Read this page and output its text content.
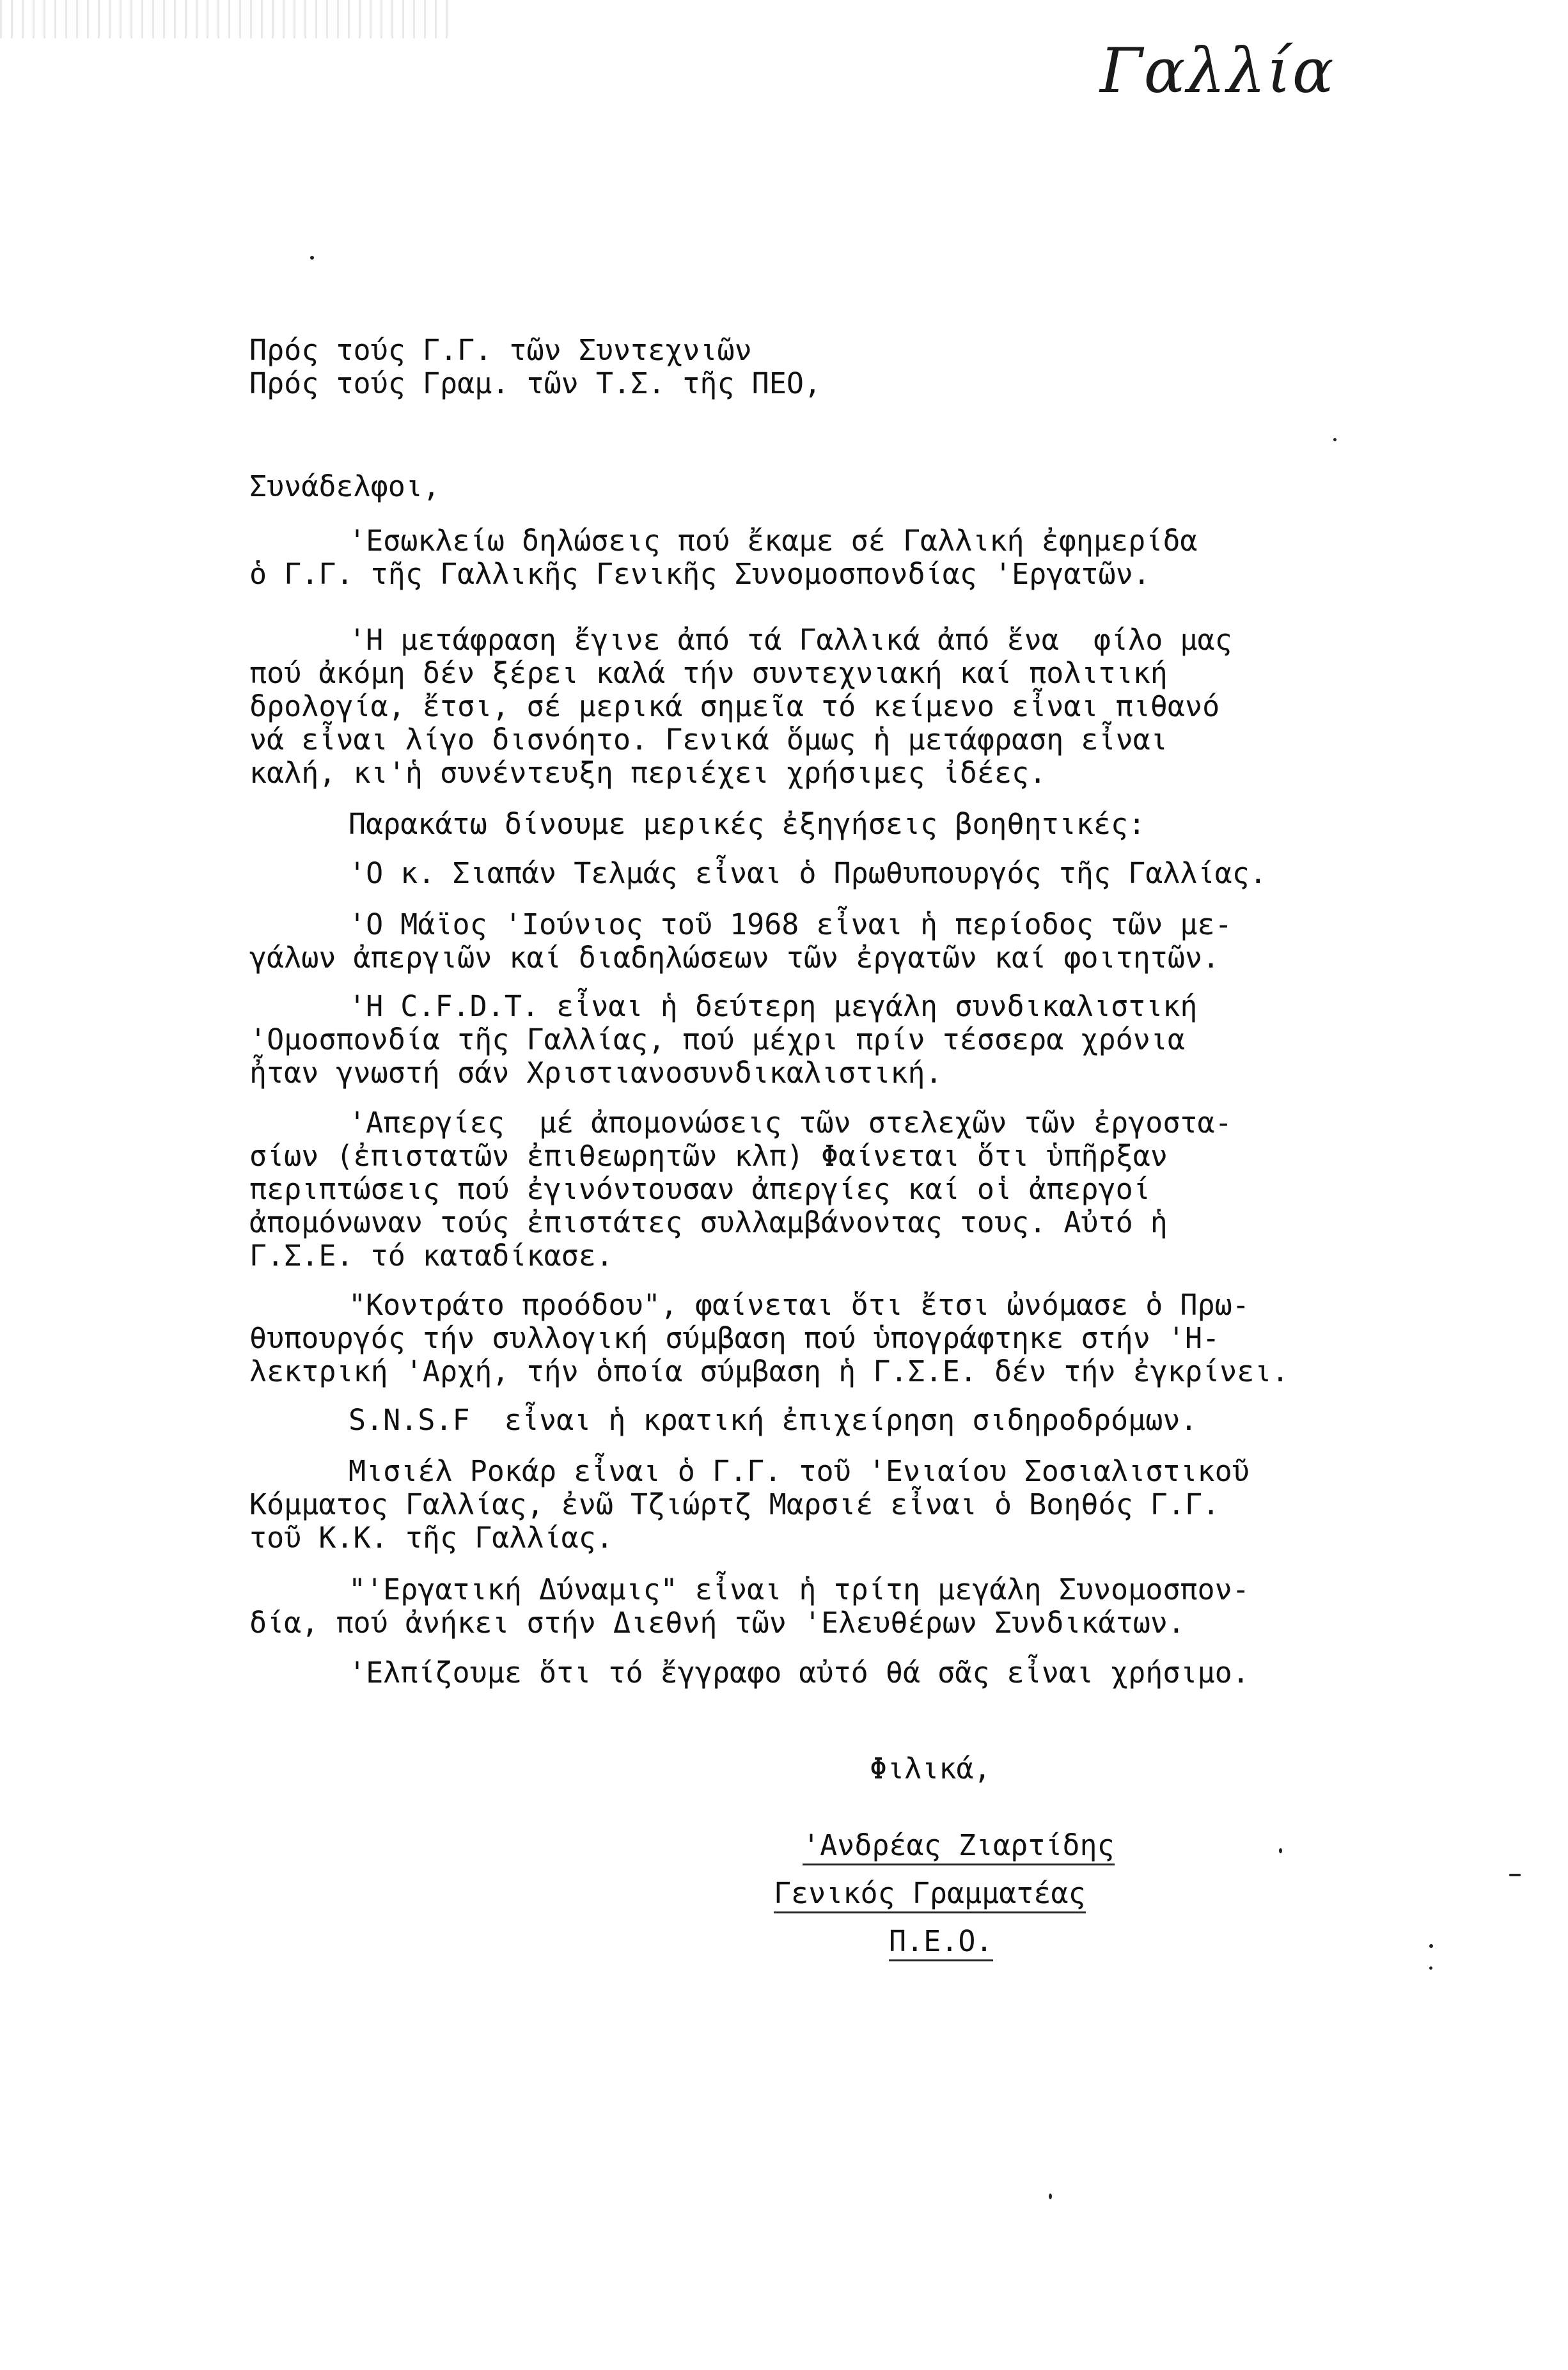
Γαλλία
Πρός τούς Γ.Γ. τῶν Συντεχνιῶν
Πρός τούς Γραμ. τῶν Τ.Σ. τῆς ΠΕΟ,
Συνάδελφοι,
'Εσωκλείω δηλώσεις πού ἔκαμε σέ Γαλλική ἐφημερίδα
ὁ Γ.Γ. τῆς Γαλλικῆς Γενικῆς Συνομοσπονδίας 'Εργατῶν.
'Η μετάφραση ἔγινε ἀπό τά Γαλλικά ἀπό ἕνα  φίλο μας
πού ἀκόμη δέν ξέρει καλά τήν συντεχνιακή καί πολιτική
δρολογία, ἔτσι, σέ μερικά σημεῖα τό κείμενο εἶναι πιθανό
νά εἶναι λίγο δισνόητο. Γενικά ὅμως ἡ μετάφραση εἶναι
καλή, κι'ἡ συνέντευξη περιέχει χρήσιμες ἰδέες.
Παρακάτω δίνουμε μερικές ἐξηγήσεις βοηθητικές:
'Ο κ. Σιαπάν Τελμάς εἶναι ὁ Πρωθυπουργός τῆς Γαλλίας.
'Ο Μάϊος 'Ιούνιος τοῦ 1968 εἶναι ἡ περίοδος τῶν με-
γάλων ἀπεργιῶν καί διαδηλώσεων τῶν ἐργατῶν καί φοιτητῶν.
'Η C.F.D.T. εἶναι ἡ δεύτερη μεγάλη συνδικαλιστική
'Ομοσπονδία τῆς Γαλλίας, πού μέχρι πρίν τέσσερα χρόνια
ἦταν γνωστή σάν Χριστιανοσυνδικαλιστική.
'Απεργίες  μέ ἀπομονώσεις τῶν στελεχῶν τῶν ἐργοστα-
σίων (ἐπιστατῶν ἐπιθεωρητῶν κλπ) Φαίνεται ὅτι ὑπῆρξαν
περιπτώσεις πού ἐγινόντουσαν ἀπεργίες καί οἱ ἀπεργοί
ἀπομόνωναν τούς ἐπιστάτες συλλαμβάνοντας τους. Αὐτό ἡ
Γ.Σ.Ε. τό καταδίκασε.
"Κοντράτο προόδου", φαίνεται ὅτι ἔτσι ὠνόμασε ὁ Πρω-
θυπουργός τήν συλλογική σύμβαση πού ὑπογράφτηκε στήν 'Η-
λεκτρική 'Αρχή, τήν ὁποία σύμβαση ἡ Γ.Σ.Ε. δέν τήν ἐγκρίνει.
S.N.S.F  εἶναι ἡ κρατική ἐπιχείρηση σιδηροδρόμων.
Μισιέλ Ροκάρ εἶναι ὁ Γ.Γ. τοῦ 'Ενιαίου Σοσιαλιστικοῦ
Κόμματος Γαλλίας, ἐνῶ Τζιώρτζ Μαρσιέ εἶναι ὁ Βοηθός Γ.Γ.
τοῦ Κ.Κ. τῆς Γαλλίας.
"'Εργατική Δύναμις" εἶναι ἡ τρίτη μεγάλη Συνομοσπον-
δία, πού ἀνήκει στήν Διεθνή τῶν 'Ελευθέρων Συνδικάτων.
'Ελπίζουμε ὅτι τό ἔγγραφο αὐτό θά σᾶς εἶναι χρήσιμο.
Φιλικά,
'Ανδρέας Ζιαρτίδης
Γενικός Γραμματέας
Π.Ε.Ο.
